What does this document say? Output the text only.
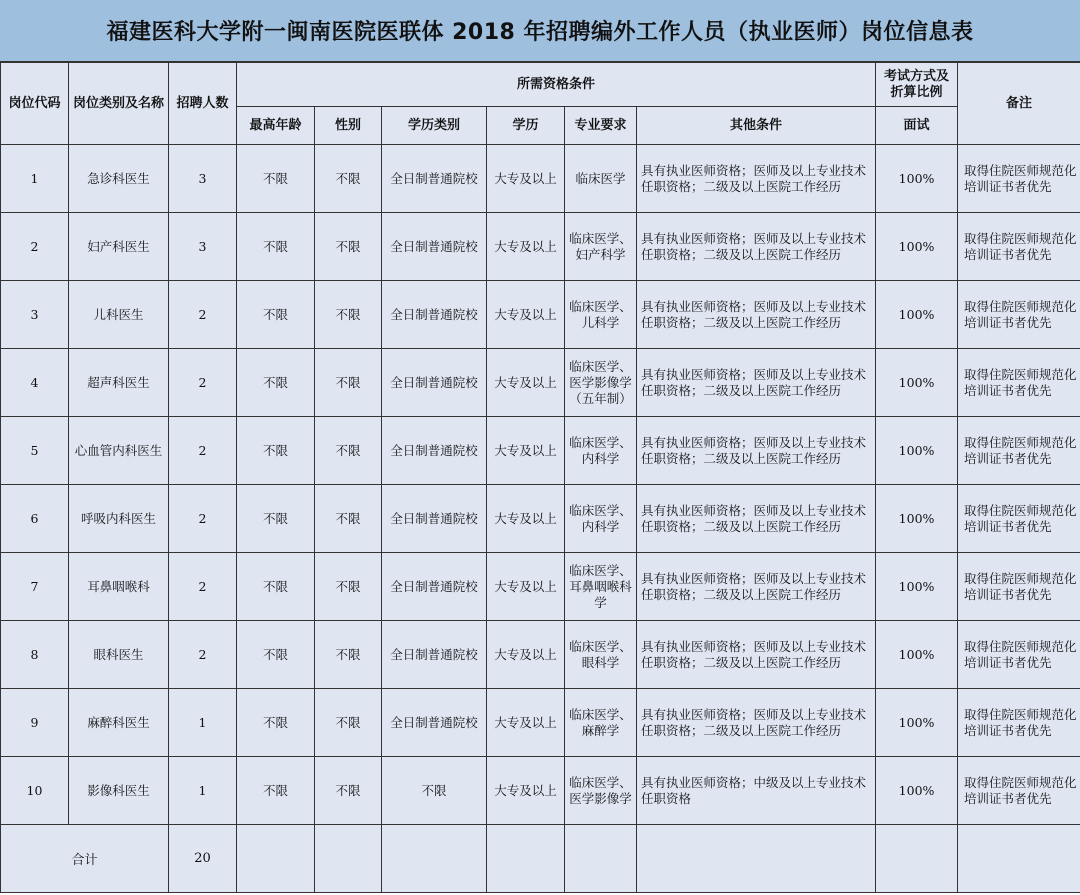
福建医科大学附一闽南医院医联体 2018 年招聘编外工作人员（执业医师）岗位信息表
岗位代码	岗位类别及名称	招聘人数	所需资格条件						考试方式及折算比例	备注
			最高年龄	性别	学历类别	学历	专业要求	其他条件	面试	
1	急诊科医生	3	不限	不限	全日制普通院校	大专及以上	临床医学	具有执业医师资格；医师及以上专业技术任职资格；二级及以上医院工作经历	100%	取得住院医师规范化培训证书者优先
2	妇产科医生	3	不限	不限	全日制普通院校	大专及以上	临床医学、妇产科学	具有执业医师资格；医师及以上专业技术任职资格；二级及以上医院工作经历	100%	取得住院医师规范化培训证书者优先
3	儿科医生	2	不限	不限	全日制普通院校	大专及以上	临床医学、儿科学	具有执业医师资格；医师及以上专业技术任职资格；二级及以上医院工作经历	100%	取得住院医师规范化培训证书者优先
4	超声科医生	2	不限	不限	全日制普通院校	大专及以上	临床医学、医学影像学（五年制）	具有执业医师资格；医师及以上专业技术任职资格；二级及以上医院工作经历	100%	取得住院医师规范化培训证书者优先
5	心血管内科医生	2	不限	不限	全日制普通院校	大专及以上	临床医学、内科学	具有执业医师资格；医师及以上专业技术任职资格；二级及以上医院工作经历	100%	取得住院医师规范化培训证书者优先
6	呼吸内科医生	2	不限	不限	全日制普通院校	大专及以上	临床医学、内科学	具有执业医师资格；医师及以上专业技术任职资格；二级及以上医院工作经历	100%	取得住院医师规范化培训证书者优先
7	耳鼻咽喉科	2	不限	不限	全日制普通院校	大专及以上	临床医学、耳鼻咽喉科学	具有执业医师资格；医师及以上专业技术任职资格；二级及以上医院工作经历	100%	取得住院医师规范化培训证书者优先
8	眼科医生	2	不限	不限	全日制普通院校	大专及以上	临床医学、眼科学	具有执业医师资格；医师及以上专业技术任职资格；二级及以上医院工作经历	100%	取得住院医师规范化培训证书者优先
9	麻醉科医生	1	不限	不限	全日制普通院校	大专及以上	临床医学、麻醉学	具有执业医师资格；医师及以上专业技术任职资格；二级及以上医院工作经历	100%	取得住院医师规范化培训证书者优先
10	影像科医生	1	不限	不限	不限	大专及以上	临床医学、医学影像学	具有执业医师资格；中级及以上专业技术任职资格	100%	取得住院医师规范化培训证书者优先
合计		20								
